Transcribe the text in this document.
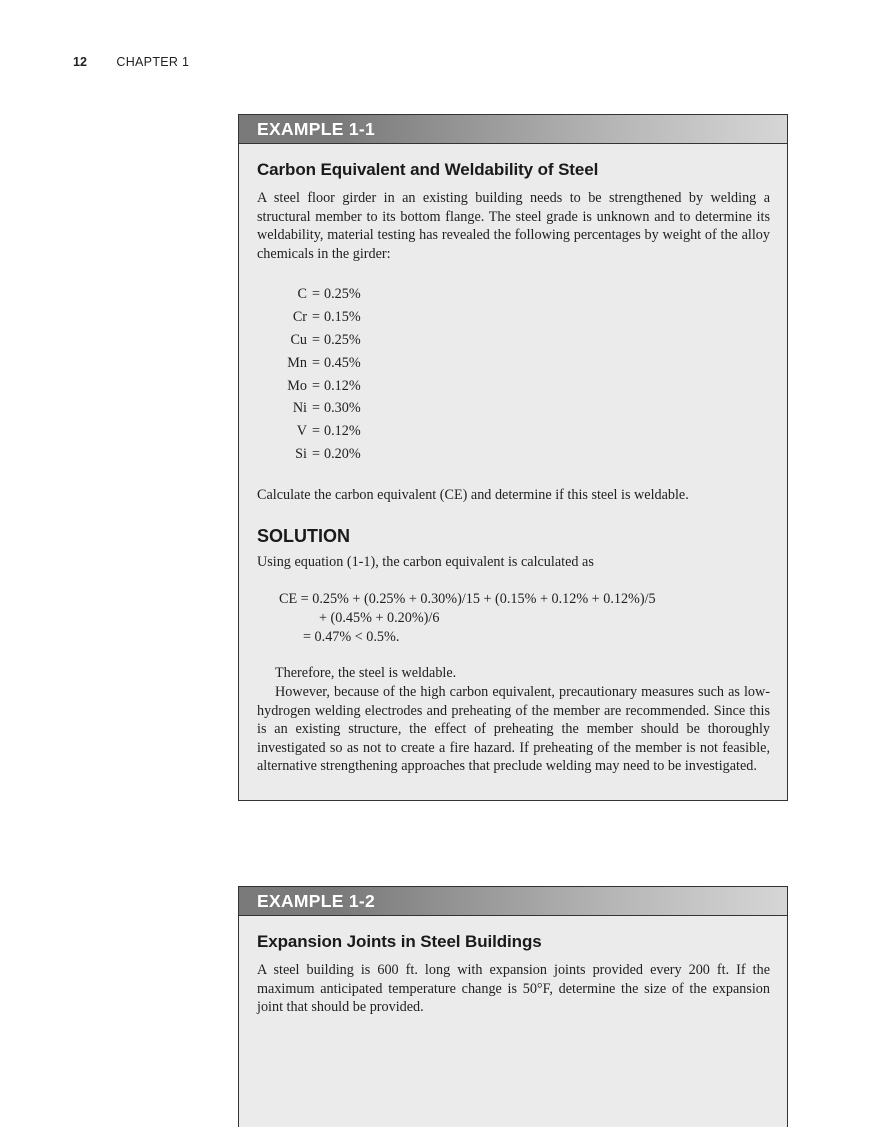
12 CHAPTER 1
EXAMPLE 1-1
Carbon Equivalent and Weldability of Steel

A steel floor girder in an existing building needs to be strengthened by welding a structural member to its bottom flange. The steel grade is unknown and to determine its weldability, material testing has revealed the following percentages by weight of the alloy chemicals in the girder:

C = 0.25%
Cr = 0.15%
Cu = 0.25%
Mn = 0.45%
Mo = 0.12%
Ni = 0.30%
V = 0.12%
Si = 0.20%

Calculate the carbon equivalent (CE) and determine if this steel is weldable.

SOLUTION

Using equation (1-1), the carbon equivalent is calculated as

CE = 0.25% + (0.25% + 0.30%)/15 + (0.15% + 0.12% + 0.12%)/5
+ (0.45% + 0.20%)/6
= 0.47% < 0.5%.

Therefore, the steel is weldable.

However, because of the high carbon equivalent, precautionary measures such as low-hydrogen welding electrodes and preheating of the member are recommended. Since this is an existing structure, the effect of preheating the member should be thoroughly investigated so as not to create a fire hazard. If preheating of the member is not feasible, alternative strengthening approaches that preclude welding may need to be investigated.

EXAMPLE 1-2
Expansion Joints in Steel Buildings

A steel building is 600 ft. long with expansion joints provided every 200 ft. If the maximum anticipated temperature change is 50°F, determine the size of the expansion joint that should be provided.
